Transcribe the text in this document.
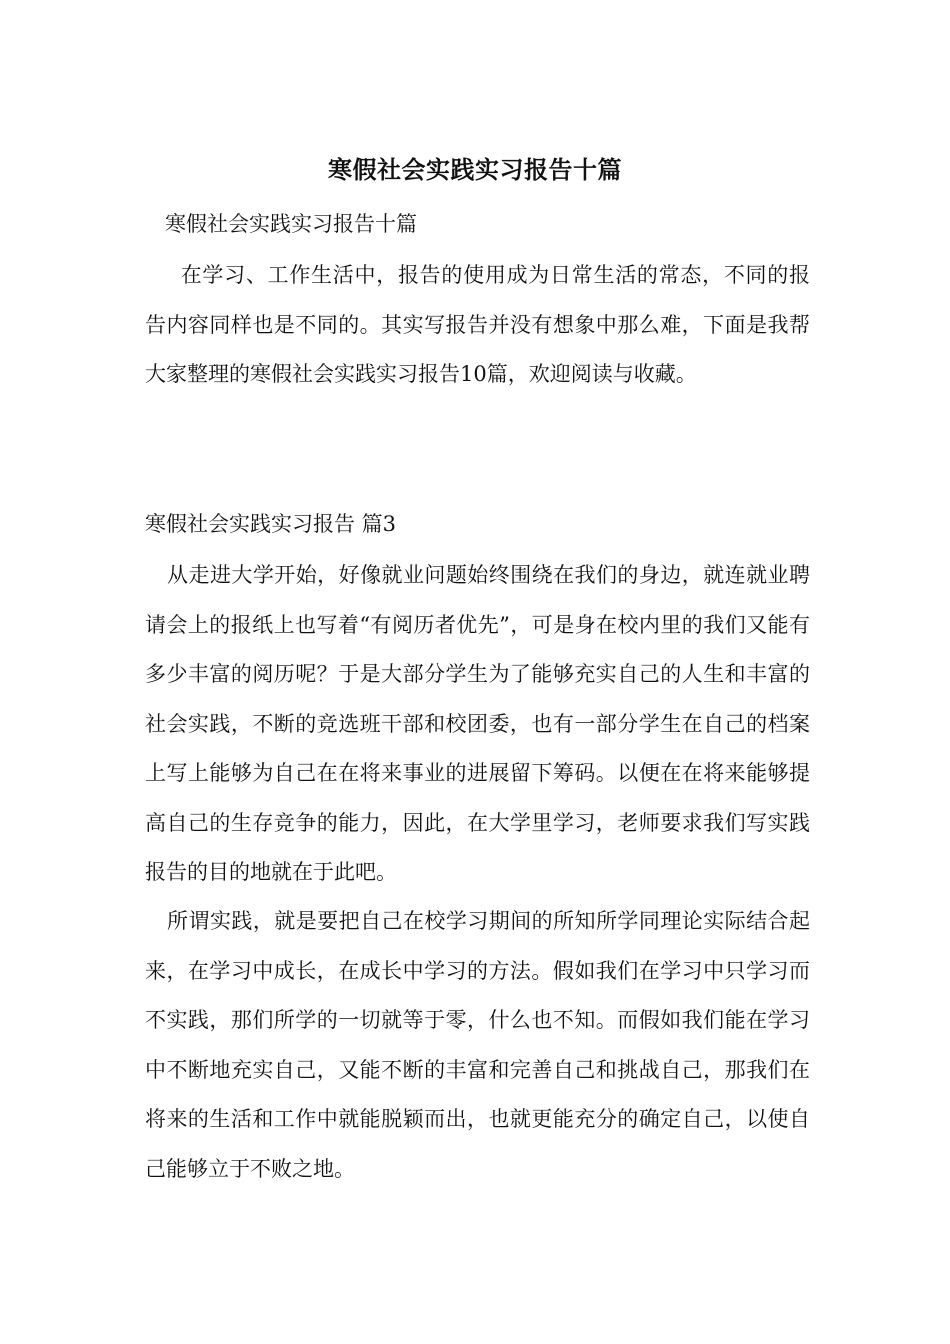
寒假社会实践实习报告十篇
寒假社会实践实习报告十篇
在学习、工作生活中，报告的使用成为日常生活的常态，不同的报告内容同样也是不同的。其实写报告并没有想象中那么难，下面是我帮大家整理的寒假社会实践实习报告10篇，欢迎阅读与收藏。
寒假社会实践实习报告 篇3
从走进大学开始，好像就业问题始终围绕在我们的身边，就连就业聘请会上的报纸上也写着“有阅历者优先”，可是身在校内里的我们又能有多少丰富的阅历呢？于是大部分学生为了能够充实自己的人生和丰富的社会实践，不断的竞选班干部和校团委，也有一部分学生在自己的档案上写上能够为自己在在将来事业的进展留下筹码。以便在在将来能够提高自己的生存竞争的能力，因此，在大学里学习，老师要求我们写实践报告的目的地就在于此吧。
所谓实践，就是要把自己在校学习期间的所知所学同理论实际结合起来，在学习中成长，在成长中学习的方法。假如我们在学习中只学习而不实践，那们所学的一切就等于零，什么也不知。而假如我们能在学习中不断地充实自己，又能不断的丰富和完善自己和挑战自己，那我们在将来的生活和工作中就能脱颖而出，也就更能充分的确定自己，以使自己能够立于不败之地。
